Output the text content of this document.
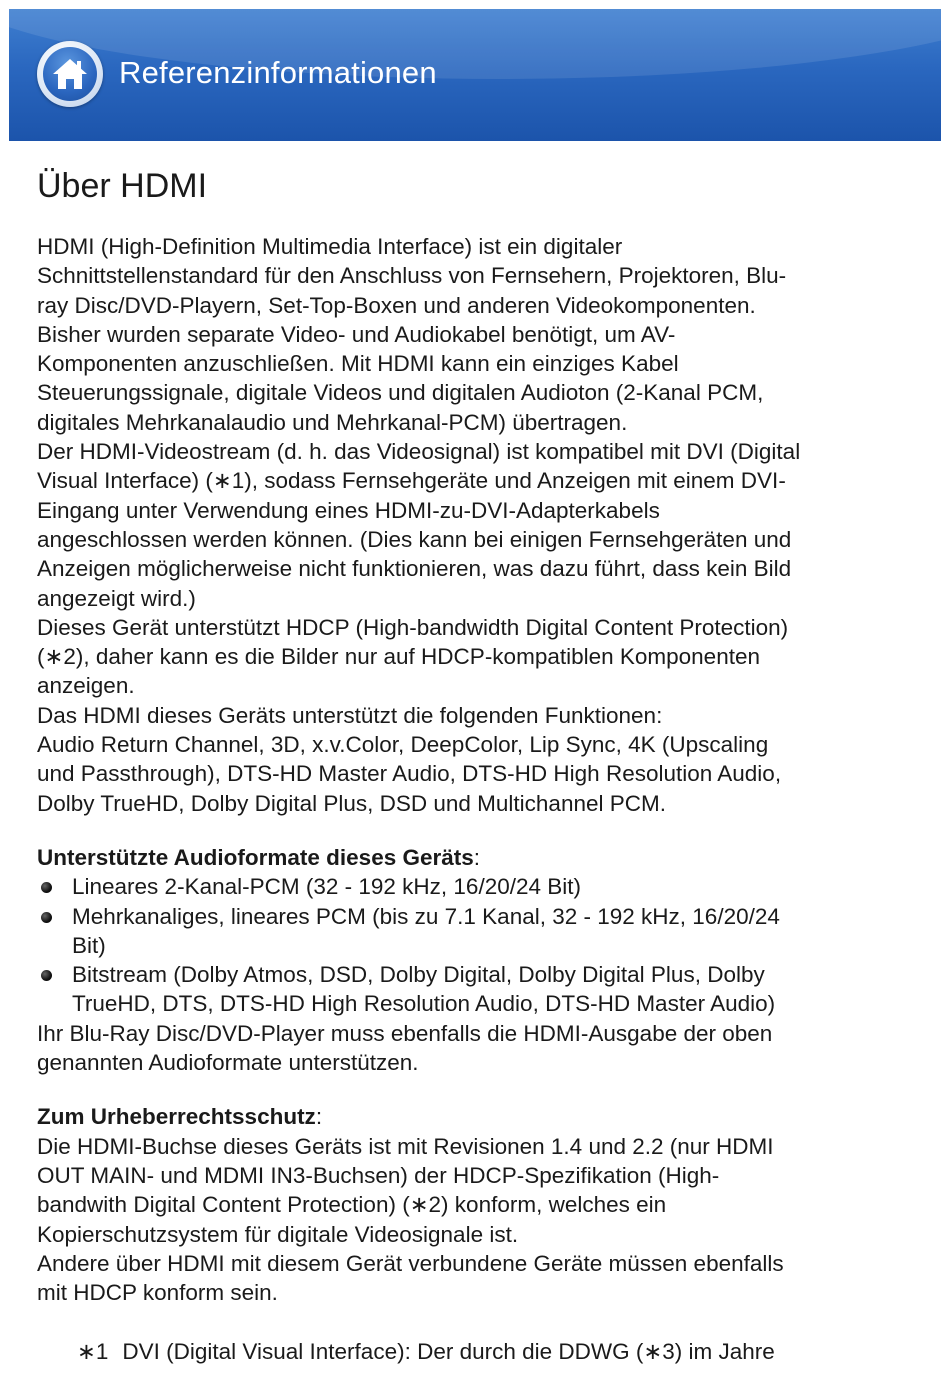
Referenzinformationen
Über HDMI
HDMI (High-Definition Multimedia Interface) ist ein digitaler
Schnittstellenstandard für den Anschluss von Fernsehern, Projektoren, Blu-
ray Disc/DVD-Playern, Set-Top-Boxen und anderen Videokomponenten.
Bisher wurden separate Video- und Audiokabel benötigt, um AV-
Komponenten anzuschließen. Mit HDMI kann ein einziges Kabel
Steuerungssignale, digitale Videos und digitalen Audioton (2-Kanal PCM,
digitales Mehrkanalaudio und Mehrkanal-PCM) übertragen.
Der HDMI-Videostream (d. h. das Videosignal) ist kompatibel mit DVI (Digital
Visual Interface) (∗1), sodass Fernsehgeräte und Anzeigen mit einem DVI-
Eingang unter Verwendung eines HDMI-zu-DVI-Adapterkabels
angeschlossen werden können. (Dies kann bei einigen Fernsehgeräten und
Anzeigen möglicherweise nicht funktionieren, was dazu führt, dass kein Bild
angezeigt wird.)
Dieses Gerät unterstützt HDCP (High-bandwidth Digital Content Protection)
(∗2), daher kann es die Bilder nur auf HDCP-kompatiblen Komponenten
anzeigen.
Das HDMI dieses Geräts unterstützt die folgenden Funktionen:
Audio Return Channel, 3D, x.v.Color, DeepColor, Lip Sync, 4K (Upscaling
und Passthrough), DTS-HD Master Audio, DTS-HD High Resolution Audio,
Dolby TrueHD, Dolby Digital Plus, DSD und Multichannel PCM.
Unterstützte Audioformate dieses Geräts:
Lineares 2-Kanal-PCM (32 - 192 kHz, 16/20/24 Bit)
Mehrkanaliges, lineares PCM (bis zu 7.1 Kanal, 32 - 192 kHz, 16/20/24
Bit)
Bitstream (Dolby Atmos, DSD, Dolby Digital, Dolby Digital Plus, Dolby
TrueHD, DTS, DTS-HD High Resolution Audio, DTS-HD Master Audio)
Ihr Blu-Ray Disc/DVD-Player muss ebenfalls die HDMI-Ausgabe der oben
genannten Audioformate unterstützen.
Zum Urheberrechtsschutz:
Die HDMI-Buchse dieses Geräts ist mit Revisionen 1.4 und 2.2 (nur HDMI
OUT MAIN- und MDMI IN3-Buchsen) der HDCP-Spezifikation (High-
bandwith Digital Content Protection) (∗2) konform, welches ein
Kopierschutzsystem für digitale Videosignale ist.
Andere über HDMI mit diesem Gerät verbundene Geräte müssen ebenfalls
mit HDCP konform sein.
∗1 DVI (Digital Visual Interface): Der durch die DDWG (∗3) im Jahre
